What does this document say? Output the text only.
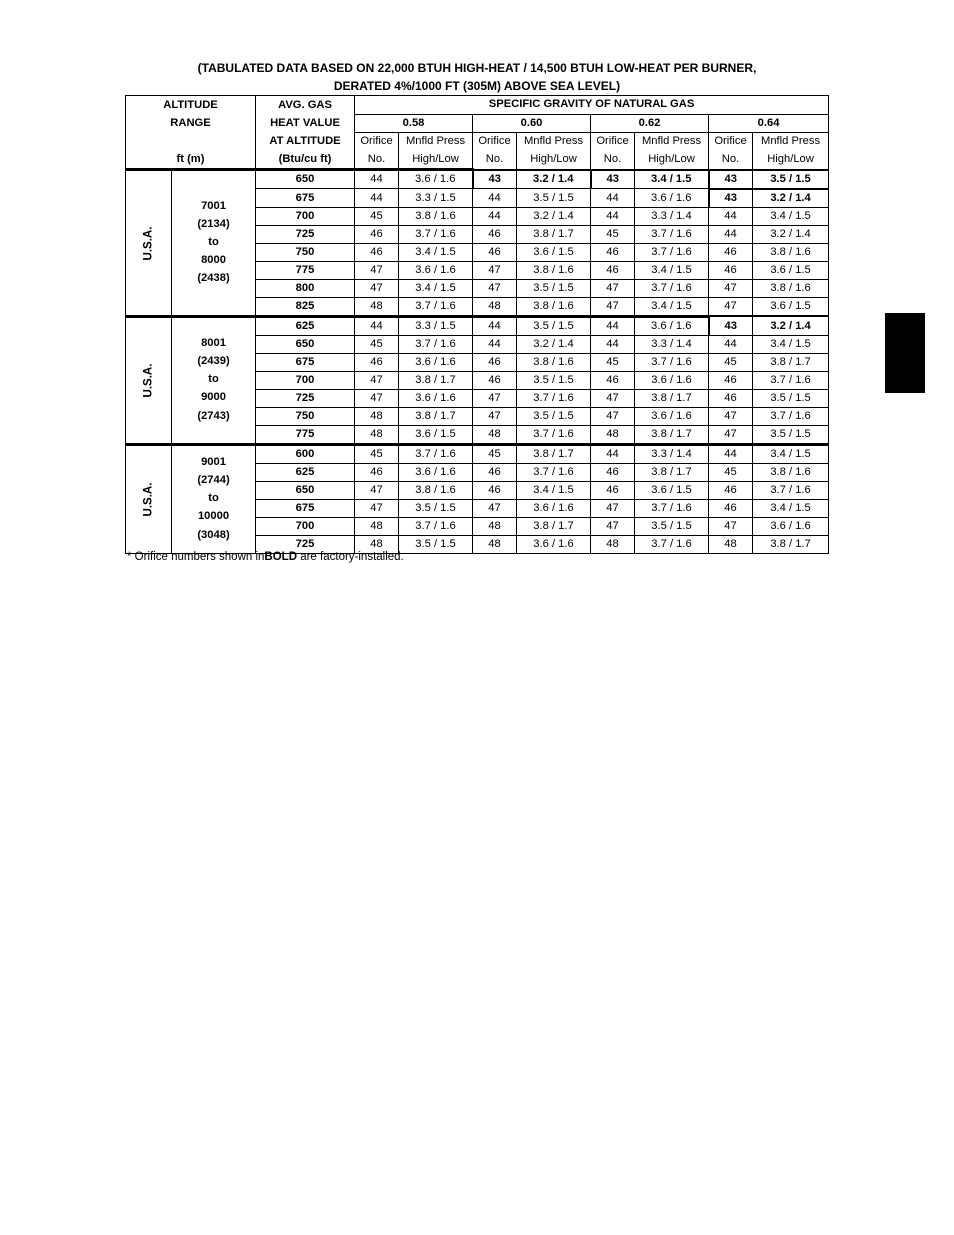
(TABULATED DATA BASED ON 22,000 BTUH HIGH-HEAT / 14,500 BTUH LOW-HEAT PER BURNER,
DERATED 4%/1000 FT (305M) ABOVE SEA LEVEL)
ALTITUDE
RANGE
ft (m)		AVG. GAS	SPECIFIC GRAVITY OF NATURAL GAS							
		HEAT VALUE	0.58		0.60		0.62		0.64	
		AT ALTITUDE	Orifice	Mnfld Press	Orifice	Mnfld Press	Orifice	Mnfld Press	Orifice	Mnfld Press
		(Btu/cu ft)	No.	High/Low	No.	High/Low	No.	High/Low	No.	High/Low
U.S.A.	7001
(2134)
to
8000
(2438)	650	44	3.6 / 1.6	43	3.2 / 1.4	43	3.4 / 1.5	43	3.5 / 1.5
		675	44	3.3 / 1.5	44	3.5 / 1.5	44	3.6 / 1.6	43	3.2 / 1.4
		700	45	3.8 / 1.6	44	3.2 / 1.4	44	3.3 / 1.4	44	3.4 / 1.5
		725	46	3.7 / 1.6	46	3.8 / 1.7	45	3.7 / 1.6	44	3.2 / 1.4
		750	46	3.4 / 1.5	46	3.6 / 1.5	46	3.7 / 1.6	46	3.8 / 1.6
		775	47	3.6 / 1.6	47	3.8 / 1.6	46	3.4 / 1.5	46	3.6 / 1.5
		800	47	3.4 / 1.5	47	3.5 / 1.5	47	3.7 / 1.6	47	3.8 / 1.6
		825	48	3.7 / 1.6	48	3.8 / 1.6	47	3.4 / 1.5	47	3.6 / 1.5
U.S.A.	8001
(2439)
to
9000
(2743)	625	44	3.3 / 1.5	44	3.5 / 1.5	44	3.6 / 1.6	43	3.2 / 1.4
		650	45	3.7 / 1.6	44	3.2 / 1.4	44	3.3 / 1.4	44	3.4 / 1.5
		675	46	3.6 / 1.6	46	3.8 / 1.6	45	3.7 / 1.6	45	3.8 / 1.7
		700	47	3.8 / 1.7	46	3.5 / 1.5	46	3.6 / 1.6	46	3.7 / 1.6
		725	47	3.6 / 1.6	47	3.7 / 1.6	47	3.8 / 1.7	46	3.5 / 1.5
		750	48	3.8 / 1.7	47	3.5 / 1.5	47	3.6 / 1.6	47	3.7 / 1.6
		775	48	3.6 / 1.5	48	3.7 / 1.6	48	3.8 / 1.7	47	3.5 / 1.5
U.S.A.	9001
(2744)
to
10000
(3048)	600	45	3.7 / 1.6	45	3.8 / 1.7	44	3.3 / 1.4	44	3.4 / 1.5
		625	46	3.6 / 1.6	46	3.7 / 1.6	46	3.8 / 1.7	45	3.8 / 1.6
		650	47	3.8 / 1.6	46	3.4 / 1.5	46	3.6 / 1.5	46	3.7 / 1.6
		675	47	3.5 / 1.5	47	3.6 / 1.6	47	3.7 / 1.6	46	3.4 / 1.5
		700	48	3.7 / 1.6	48	3.8 / 1.7	47	3.5 / 1.5	47	3.6 / 1.6
		725	48	3.5 / 1.5	48	3.6 / 1.6	48	3.7 / 1.6	48	3.8 / 1.7
* Orifice numbers shown inBOLD are factory-installed.
